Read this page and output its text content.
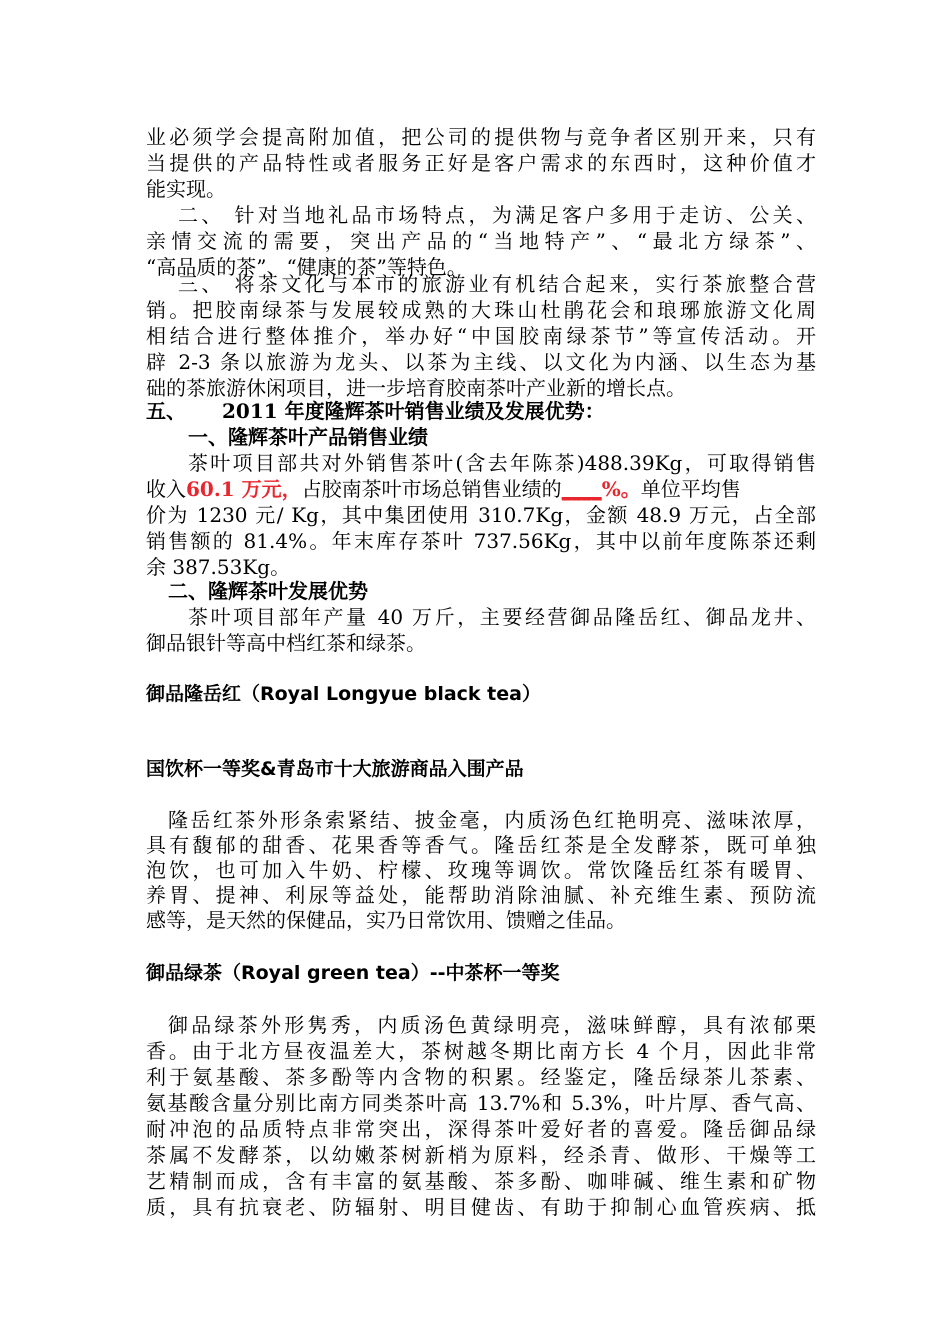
业必须学会提高附加值，把公司的提供物与竞争者区别开来，只有
当提供的产品特性或者服务正好是客户需求的东西时，这种价值才
能实现。
二、 针对当地礼品市场特点，为满足客户多用于走访、公关、
亲情交流的需要，突出产品的“当地特产”、“最北方绿茶”、
“高品质的茶”、“健康的茶”等特色。
三、 将茶文化与本市的旅游业有机结合起来，实行茶旅整合营
销。把胶南绿茶与发展较成熟的大珠山杜鹃花会和琅琊旅游文化周
相结合进行整体推介，举办好“中国胶南绿茶节”等宣传活动。开
辟 2-3 条以旅游为龙头、以茶为主线、以文化为内涵、以生态为基
础的茶旅游休闲项目，进一步培育胶南茶叶产业新的增长点。
五、 2011 年度隆辉茶叶销售业绩及发展优势：
一、隆辉茶叶产品销售业绩
茶叶项目部共对外销售茶叶(含去年陈茶)488.39Kg，可取得销售
收入60.1 万元，占胶南茶叶市场总销售业绩的____%。单位平均售
价为 1230 元/ Kg，其中集团使用 310.7Kg，金额 48.9 万元，占全部
销售额的 81.4%。年末库存茶叶 737.56Kg，其中以前年度陈茶还剩
余 387.53Kg。
二、隆辉茶叶发展优势
茶叶项目部年产量 40 万斤，主要经营御品隆岳红、御品龙井、
御品银针等高中档红茶和绿茶。
御品隆岳红（Royal Longyue black tea）
国饮杯一等奖&青岛市十大旅游商品入围产品
隆岳红茶外形条索紧结、披金毫，内质汤色红艳明亮、滋味浓厚，
具有馥郁的甜香、花果香等香气。隆岳红茶是全发酵茶，既可单独
泡饮，也可加入牛奶、柠檬、玫瑰等调饮。常饮隆岳红茶有暖胃、
养胃、提神、利尿等益处，能帮助消除油腻、补充维生素、预防流
感等，是天然的保健品，实乃日常饮用、馈赠之佳品。
御品绿茶（Royal green tea）--中茶杯一等奖
御品绿茶外形隽秀，内质汤色黄绿明亮，滋味鲜醇，具有浓郁栗
香。由于北方昼夜温差大，茶树越冬期比南方长 4 个月，因此非常
利于氨基酸、茶多酚等内含物的积累。经鉴定，隆岳绿茶儿茶素、
氨基酸含量分别比南方同类茶叶高 13.7%和 5.3%，叶片厚、香气高、
耐冲泡的品质特点非常突出，深得茶叶爱好者的喜爱。隆岳御品绿
茶属不发酵茶，以幼嫩茶树新梢为原料，经杀青、做形、干燥等工
艺精制而成，含有丰富的氨基酸、茶多酚、咖啡碱、维生素和矿物
质，具有抗衰老、防辐射、明目健齿、有助于抑制心血管疾病、抵
